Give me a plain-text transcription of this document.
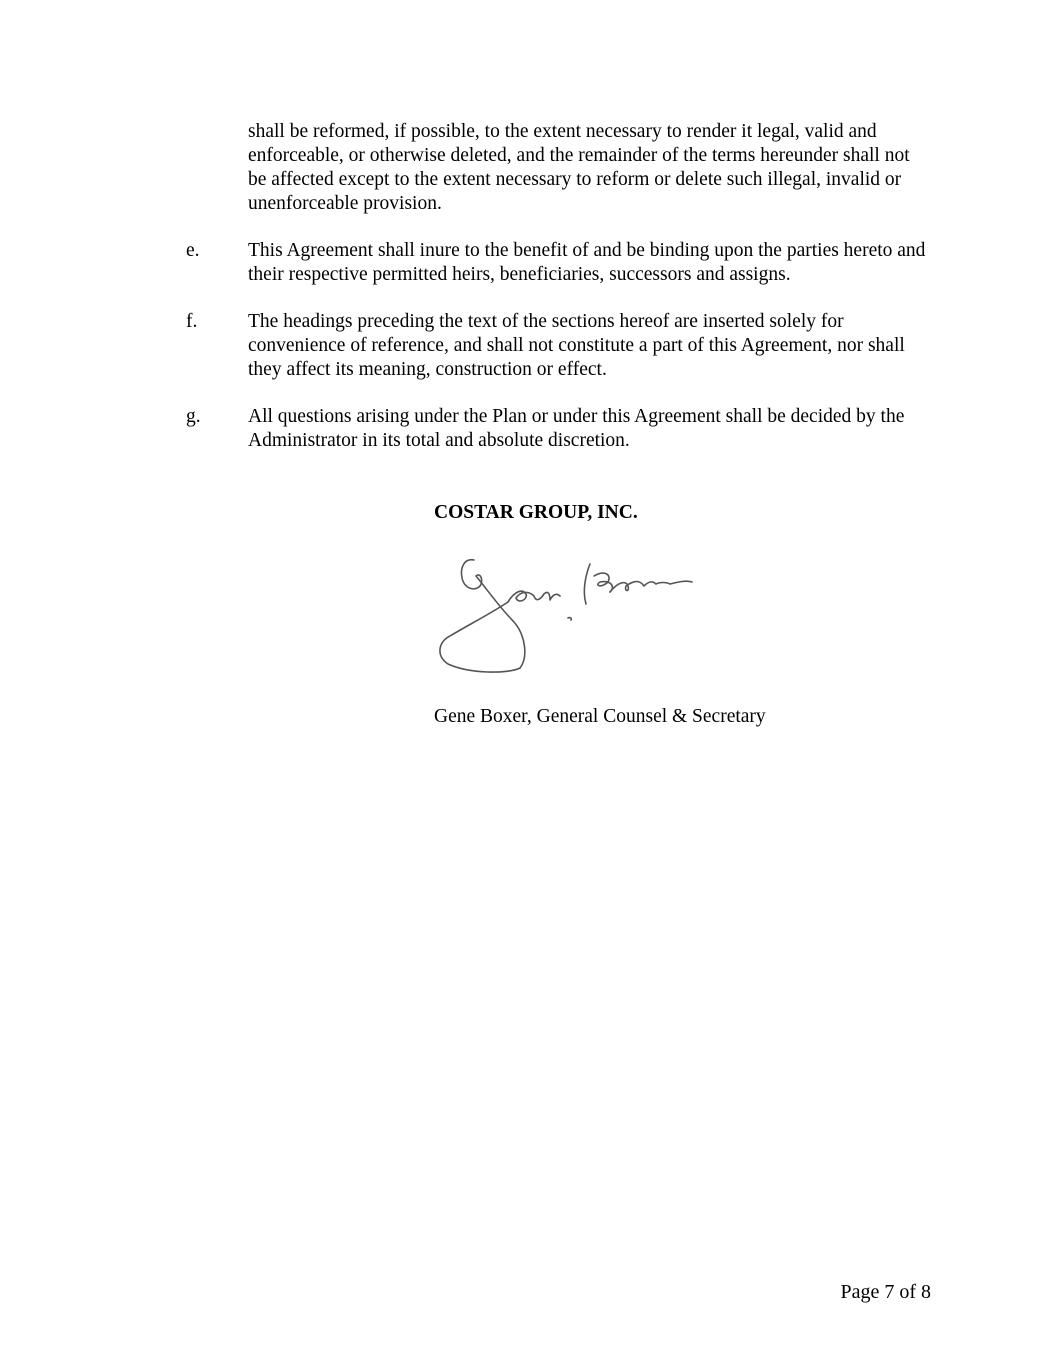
shall be reformed, if possible, to the extent necessary to render it legal, valid and enforceable, or otherwise deleted, and the remainder of the terms hereunder shall not be affected except to the extent necessary to reform or delete such illegal, invalid or unenforceable provision.

e.	This Agreement shall inure to the benefit of and be binding upon the parties hereto and their respective permitted heirs, beneficiaries, successors and assigns.

f.	The headings preceding the text of the sections hereof are inserted solely for convenience of reference, and shall not constitute a part of this Agreement, nor shall they affect its meaning, construction or effect.

g.	All questions arising under the Plan or under this Agreement shall be decided by the Administrator in its total and absolute discretion.

COSTAR GROUP, INC.
Gene Boxer, General Counsel & Secretary
Page 7 of 8
